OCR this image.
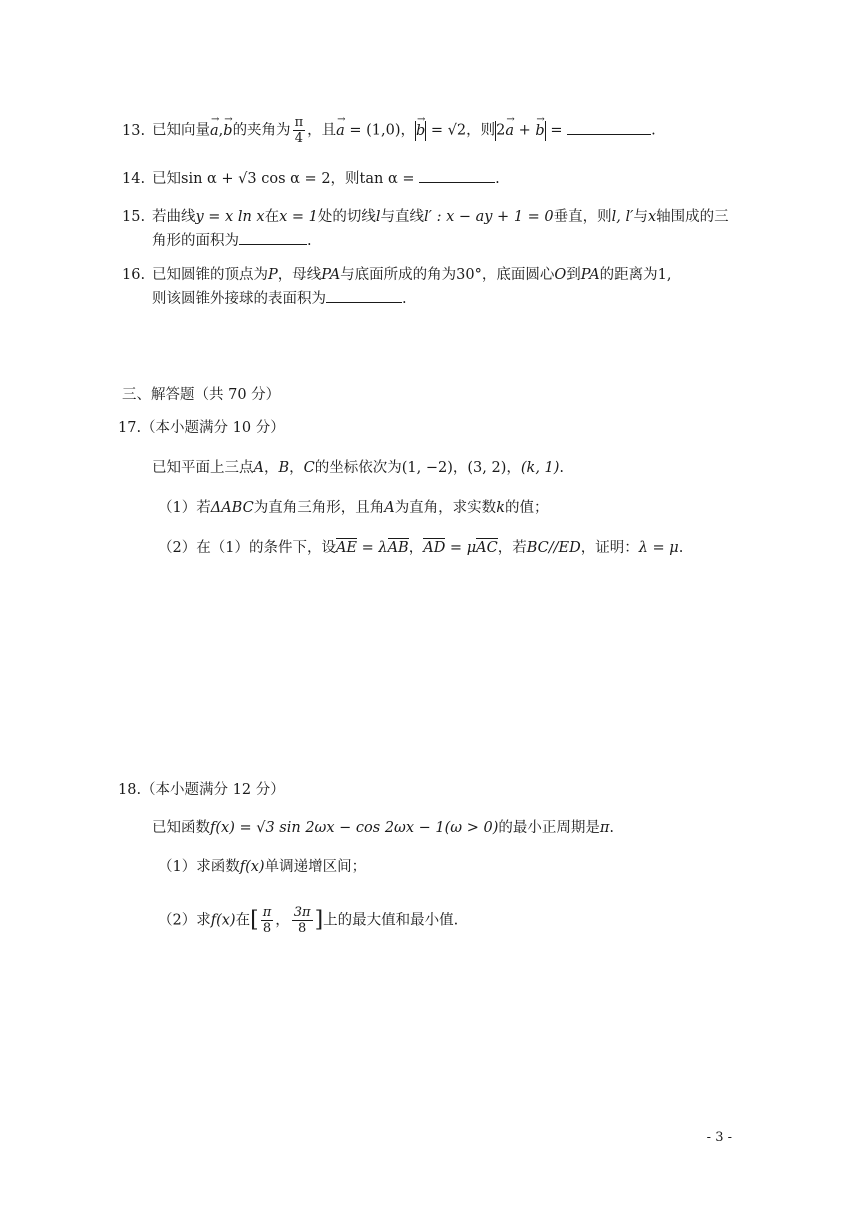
13. 已知向量→ a,→ b的夹角为 $\frac{\pi}{4}$ ，且→ a = (1,0)，→ b = √2，则2→ a + → b =	.
14. 已知sin α + √3 cos α = 2，则tan α =	.
15. 若曲线y = x ln x在x = 1处的切线l与直线l′ : x − ay + 1 = 0垂直，则l, l′与x轴围成的三
角形的面积为	.
16. 已知圆锥的顶点为P，母线PA与底面所成的角为30°，底面圆心O到PA的距离为1,
则该圆锥外接球的表面积为	.
三、解答题（共 70 分）
17.（本小题满分 10 分）
已知平面上三点A，B，C的坐标依次为(1, −2)，(3, 2)，(k, 1).
（1）若ΔABC为直角三角形，且角A为直角，求实数k的值；
（2）在（1）的条件下，设AE = λAB，AD = μAC，若BC//ED，证明：λ = μ.
18.（本小题满分 12 分）
已知函数f(x) = √3 sin 2ωx − cos 2ωx − 1(ω > 0)的最小正周期是π.
（1）求函数f(x)单调递增区间；
（2）求f(x)在[ $\frac{\pi}{8}$ ， $\frac{3\pi}{8}$ ]上的最大值和最小值.
- 3 -
